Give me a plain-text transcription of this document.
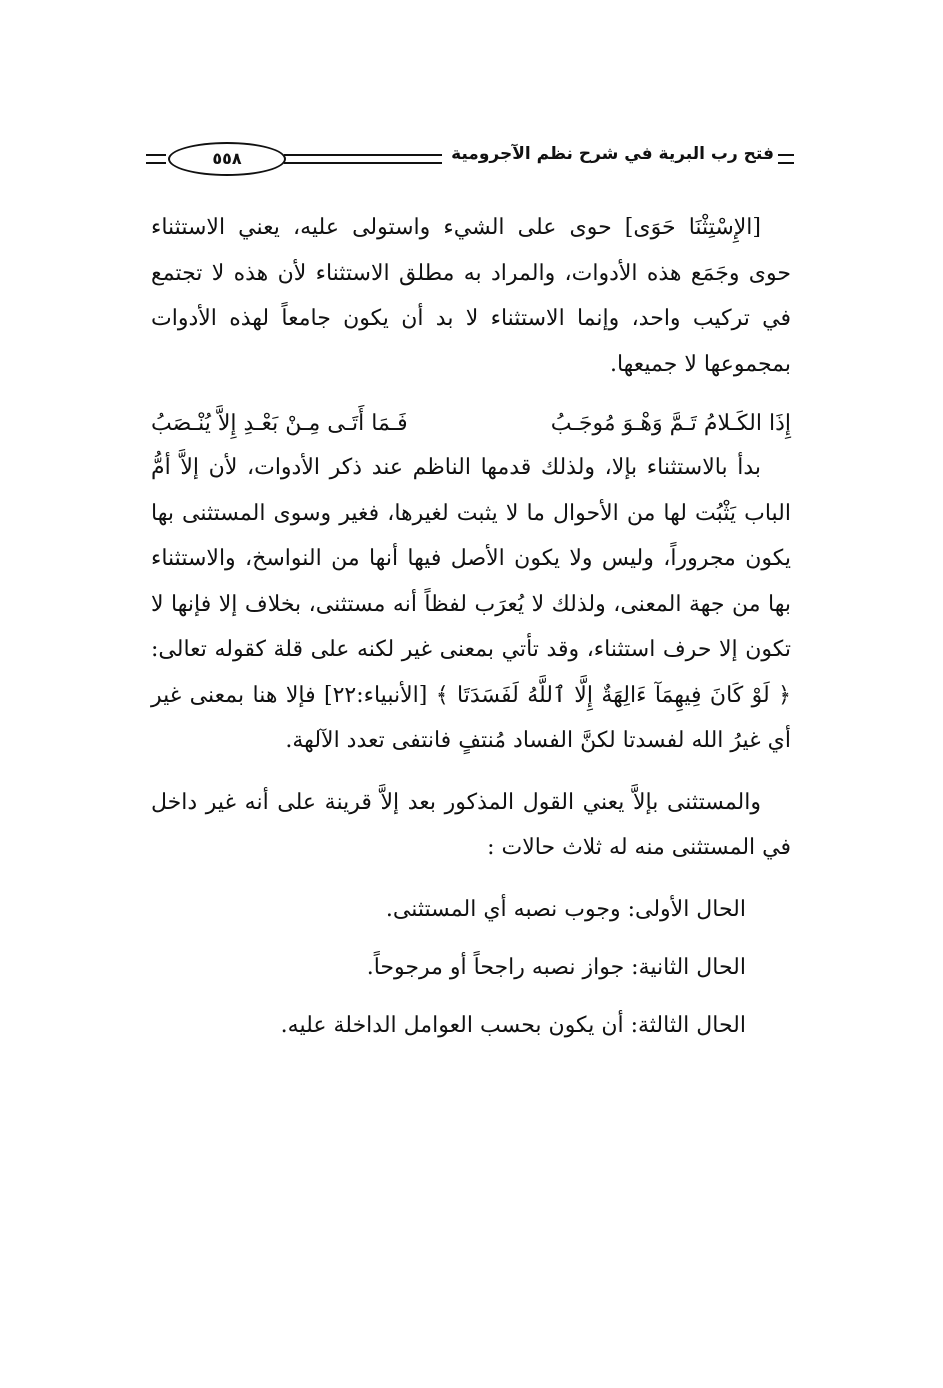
فتح رب البرية في شرح نظم الآجرومية
٥٥٨

[الإِسْتِثْنَا حَوَى] حوى على الشيء واستولى عليه، يعني الاستثناء حوى وجَمَع هذه الأدوات، والمراد به مطلق الاستثناء لأن هذه لا تجتمع في تركيب واحد، وإنما الاستثناء لا بد أن يكون جامعاً لهذه الأدوات بمجموعها لا جميعها.

إِذَا الكَـلامُ تَـمَّ وَهْـوَ مُوجَـبُ
فَـمَا أَتَـى مِـنْ بَعْـدِ إِلاَّ يُنْـصَبُ

بدأ بالاستثناء بإلا، ولذلك قدمها الناظم عند ذكر الأدوات، لأن إلاَّ أمُّ الباب يَثْبُت لها من الأحوال ما لا يثبت لغيرها، فغير وسوى المستثنى بها يكون مجروراً، وليس ولا يكون الأصل فيها أنها من النواسخ، والاستثناء بها من جهة المعنى، ولذلك لا يُعرَب لفظاً أنه مستثنى، بخلاف إلا فإنها لا تكون إلا حرف استثناء، وقد تأتي بمعنى غير لكنه على قلة كقوله تعالى: ﴿ لَوْ كَانَ فِيهِمَآ ءَالِهَةٌ إِلَّا ٱللَّهُ لَفَسَدَتَا ﴾ [الأنبياء:٢٢] فإلا هنا بمعنى غير أي غيرُ الله لفسدتا لكنَّ الفساد مُنتفٍ فانتفى تعدد الآلهة.

والمستثنى بإلاَّ يعني القول المذكور بعد إلاَّ قرينة على أنه غير داخل في المستثنى منه له ثلاث حالات :

الحال الأولى: وجوب نصبه أي المستثنى.

الحال الثانية: جواز نصبه راجحاً أو مرجوحاً.

الحال الثالثة: أن يكون بحسب العوامل الداخلة عليه.
